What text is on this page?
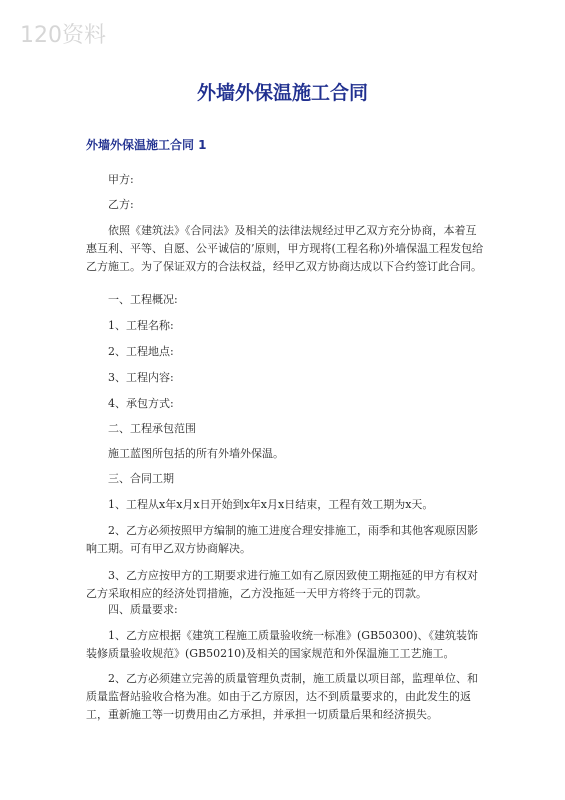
120资料
外墙外保温施工合同
外墙外保温施工合同 1

甲方:

乙方:

依照《建筑法》《合同法》及相关的法律法规经过甲乙双方充分协商，本着互惠互利、平等、自愿、公平诚信的’原则，甲方现将(工程名称)外墙保温工程发包给乙方施工。为了保证双方的合法权益，经甲乙双方协商达成以下合约签订此合同。

一、工程概况:

1、工程名称:

2、工程地点:

3、工程内容:

4、承包方式:

二、工程承包范围

施工蓝图所包括的所有外墙外保温。

三、合同工期

1、工程从x年x月x日开始到x年x月x日结束，工程有效工期为x天。

2、乙方必须按照甲方编制的施工进度合理安排施工，雨季和其他客观原因影响工期。可有甲乙双方协商解决。

3、乙方应按甲方的工期要求进行施工如有乙原因致使工期拖延的甲方有权对乙方采取相应的经济处罚措施，乙方没拖延一天甲方将终于元的罚款。

四、质量要求:

1、乙方应根据《建筑工程施工质量验收统一标准》(GB50300)、《建筑装饰装修质量验收规范》(GB50210)及相关的国家规范和外保温施工工艺施工。

2、乙方必须建立完善的质量管理负责制，施工质量以项目部，监理单位、和质量监督站验收合格为准。如由于乙方原因，达不到质量要求的，由此发生的返工，重新施工等一切费用由乙方承担，并承担一切质量后果和经济损失。
